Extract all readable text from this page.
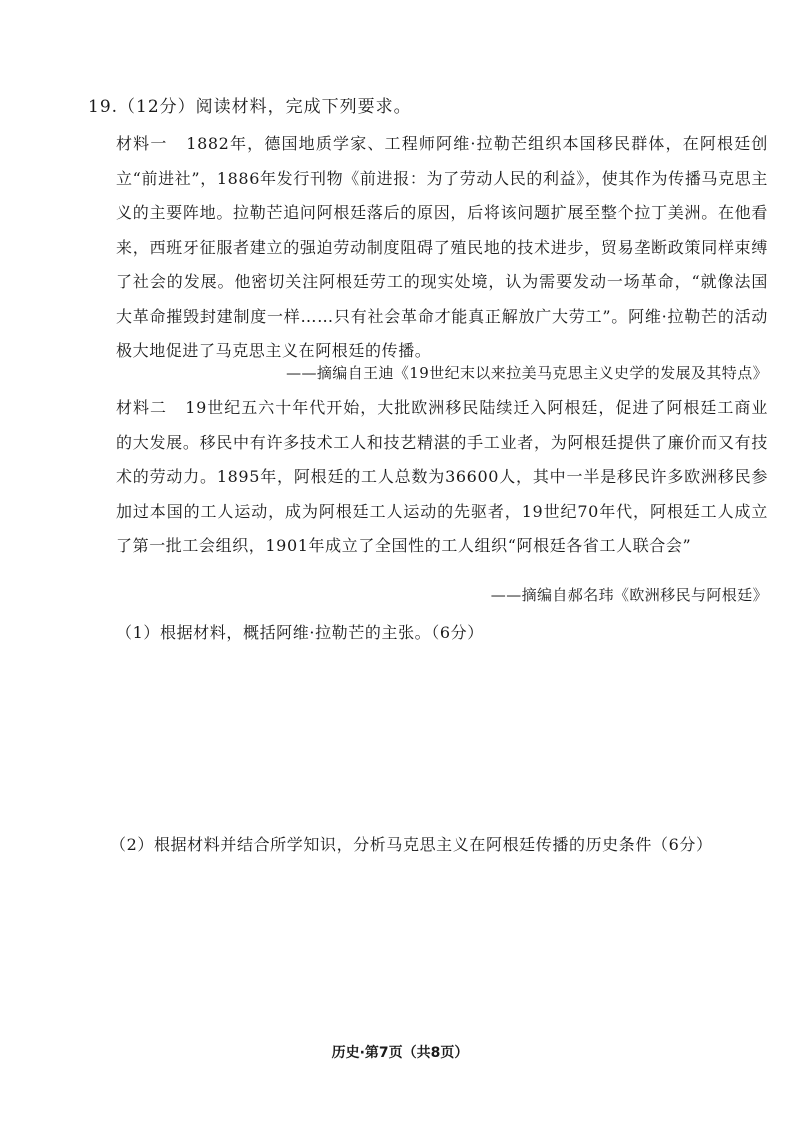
19.（12分）阅读材料，完成下列要求。

材料一 1882年，德国地质学家、工程师阿维·拉勒芒组织本国移民群体，在阿根廷创立“前进社”，1886年发行刊物《前进报：为了劳动人民的利益》，使其作为传播马克思主义的主要阵地。拉勒芒追问阿根廷落后的原因，后将该问题扩展至整个拉丁美洲。在他看来，西班牙征服者建立的强迫劳动制度阻碍了殖民地的技术进步，贸易垄断政策同样束缚了社会的发展。他密切关注阿根廷劳工的现实处境，认为需要发动一场革命，“就像法国大革命摧毁封建制度一样……只有社会革命才能真正解放广大劳工”。阿维·拉勒芒的活动极大地促进了马克思主义在阿根廷的传播。

——摘编自王迪《19世纪末以来拉美马克思主义史学的发展及其特点》

材料二 19世纪五六十年代开始，大批欧洲移民陆续迁入阿根廷，促进了阿根廷工商业的大发展。移民中有许多技术工人和技艺精湛的手工业者，为阿根廷提供了廉价而又有技术的劳动力。1895年，阿根廷的工人总数为36600人，其中一半是移民许多欧洲移民参加过本国的工人运动，成为阿根廷工人运动的先驱者，19世纪70年代，阿根廷工人成立了第一批工会组织，1901年成立了全国性的工人组织“阿根廷各省工人联合会”

——摘编自郝名玮《欧洲移民与阿根廷》
（1）根据材料，概括阿维·拉勒芒的主张。（6分）
（2）根据材料并结合所学知识，分析马克思主义在阿根廷传播的历史条件（6分）
历史·第7页（共8页）
